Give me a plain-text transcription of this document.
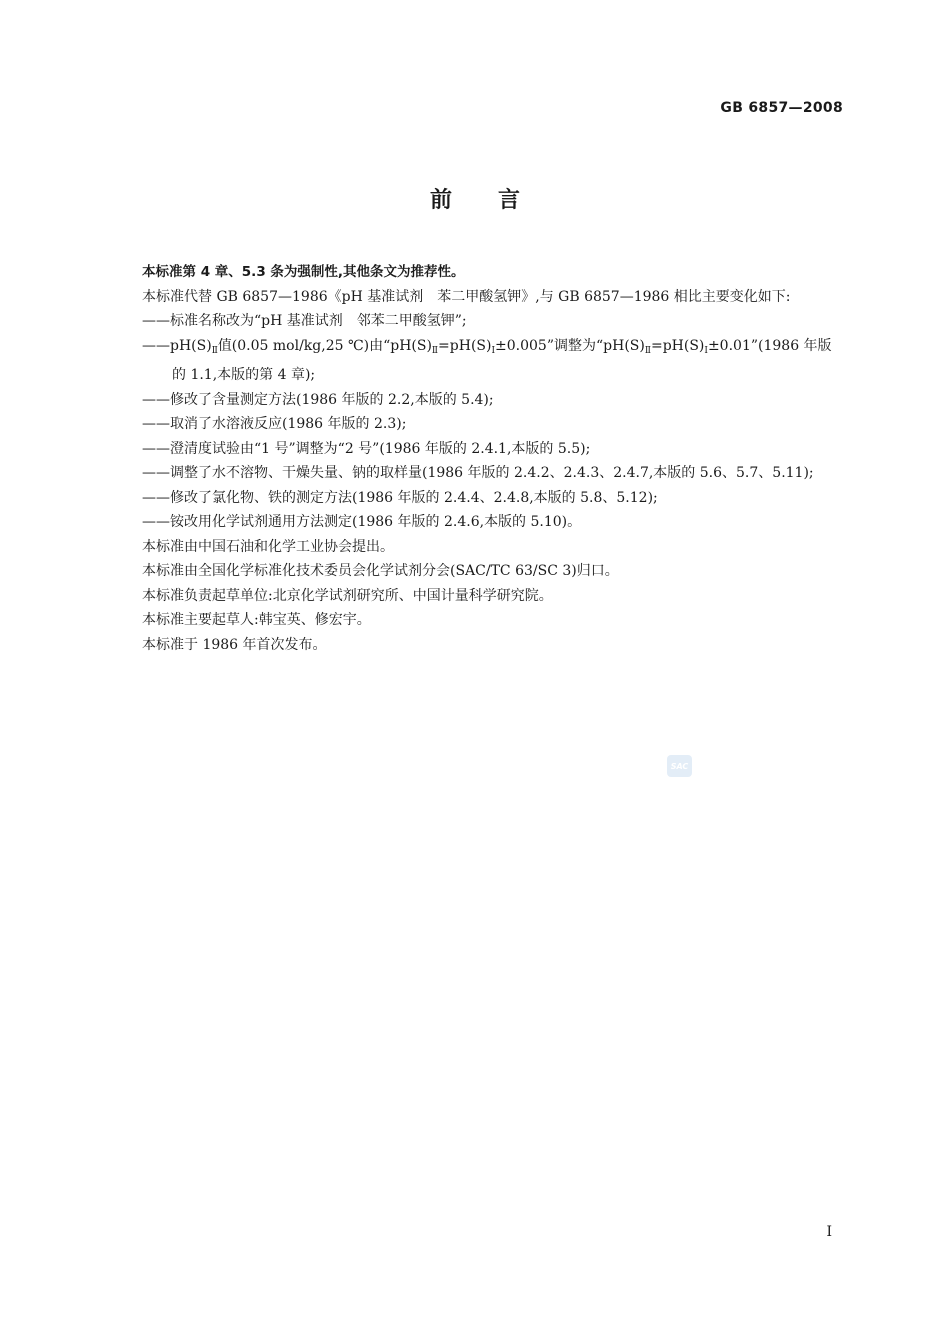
GB 6857—2008
前言

本标准第 4 章、5.3 条为强制性,其他条文为推荐性。

本标准代替 GB 6857—1986《pH 基准试剂　苯二甲酸氢钾》,与 GB 6857—1986 相比主要变化如下:

——标准名称改为“pH 基准试剂　邻苯二甲酸氢钾”;

$——pH(S)_Ⅱ$值(0.05 mol/kg,25 ℃)由“$pH(S)_Ⅱ=pH(S)_Ⅰ\pm 0.005$”调整为“$pH(S)_Ⅱ=pH(S)_Ⅰ\pm 0.01”(1986$ 年版的 1.1,本版的第 4 章);

——修改了含量测定方法(1986 年版的 2.2,本版的 5.4);

——取消了水溶液反应(1986 年版的 2.3);

——澄清度试验由“1 号”调整为“2 号”(1986 年版的 2.4.1,本版的 5.5);

——调整了水不溶物、干燥失量、钠的取样量(1986 年版的 2.4.2、2.4.3、2.4.7,本版的 5.6、5.7、5.11);

——修改了氯化物、铁的测定方法(1986 年版的 2.4.4、2.4.8,本版的 5.8、5.12);

——铵改用化学试剂通用方法测定(1986 年版的 2.4.6,本版的 5.10)。

本标准由中国石油和化学工业协会提出。

本标准由全国化学标准化技术委员会化学试剂分会(SAC/TC 63/SC 3)归口。

本标准负责起草单位:北京化学试剂研究所、中国计量科学研究院。

本标准主要起草人:韩宝英、修宏宇。

本标准于 1986 年首次发布。

SAC
Ⅰ
